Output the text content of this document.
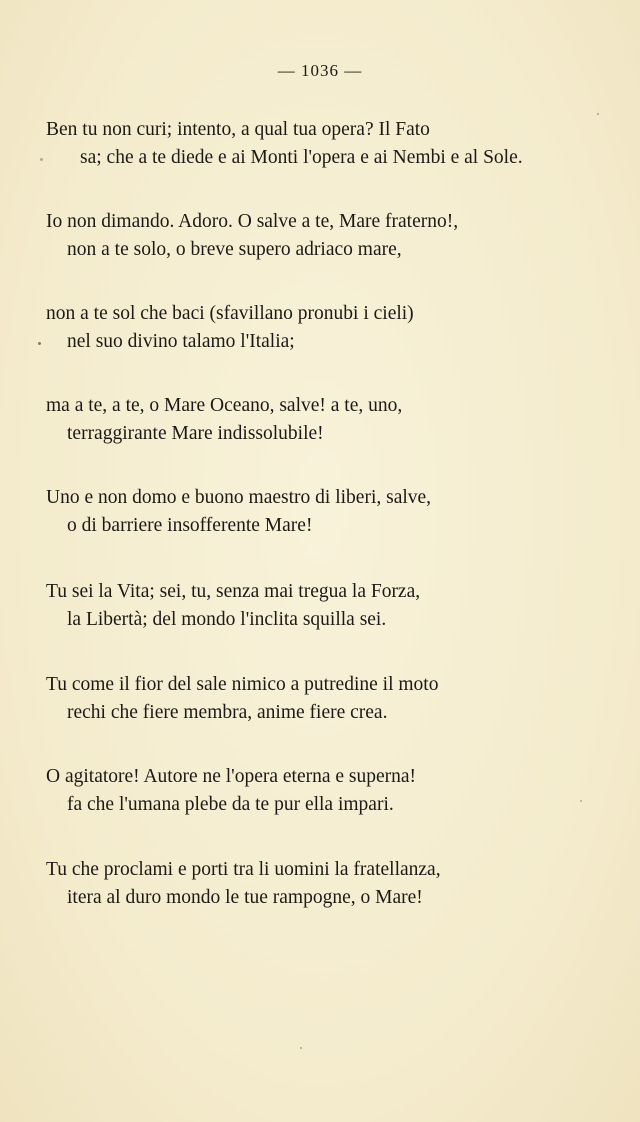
— 1036 —
Ben tu non curi; intento, a qual tua opera? Il Fato
sa; che a te diede e ai Monti l'opera e ai Nembi e al Sole.
Io non dimando. Adoro. O salve a te, Mare fraterno!,
non a te solo, o breve supero adriaco mare,
non a te sol che baci (sfavillano pronubi i cieli)
nel suo divino talamo l'Italia;
ma a te, a te, o Mare Oceano, salve! a te, uno,
terraggirante Mare indissolubile!
Uno e non domo e buono maestro di liberi, salve,
o di barriere insofferente Mare!
Tu sei la Vita; sei, tu, senza mai tregua la Forza,
la Libertà; del mondo l'inclita squilla sei.
Tu come il fior del sale nimico a putredine il moto
rechi che fiere membra, anime fiere crea.
O agitatore! Autore ne l'opera eterna e superna!
fa che l'umana plebe da te pur ella impari.
Tu che proclami e porti tra li uomini la fratellanza,
itera al duro mondo le tue rampogne, o Mare!
